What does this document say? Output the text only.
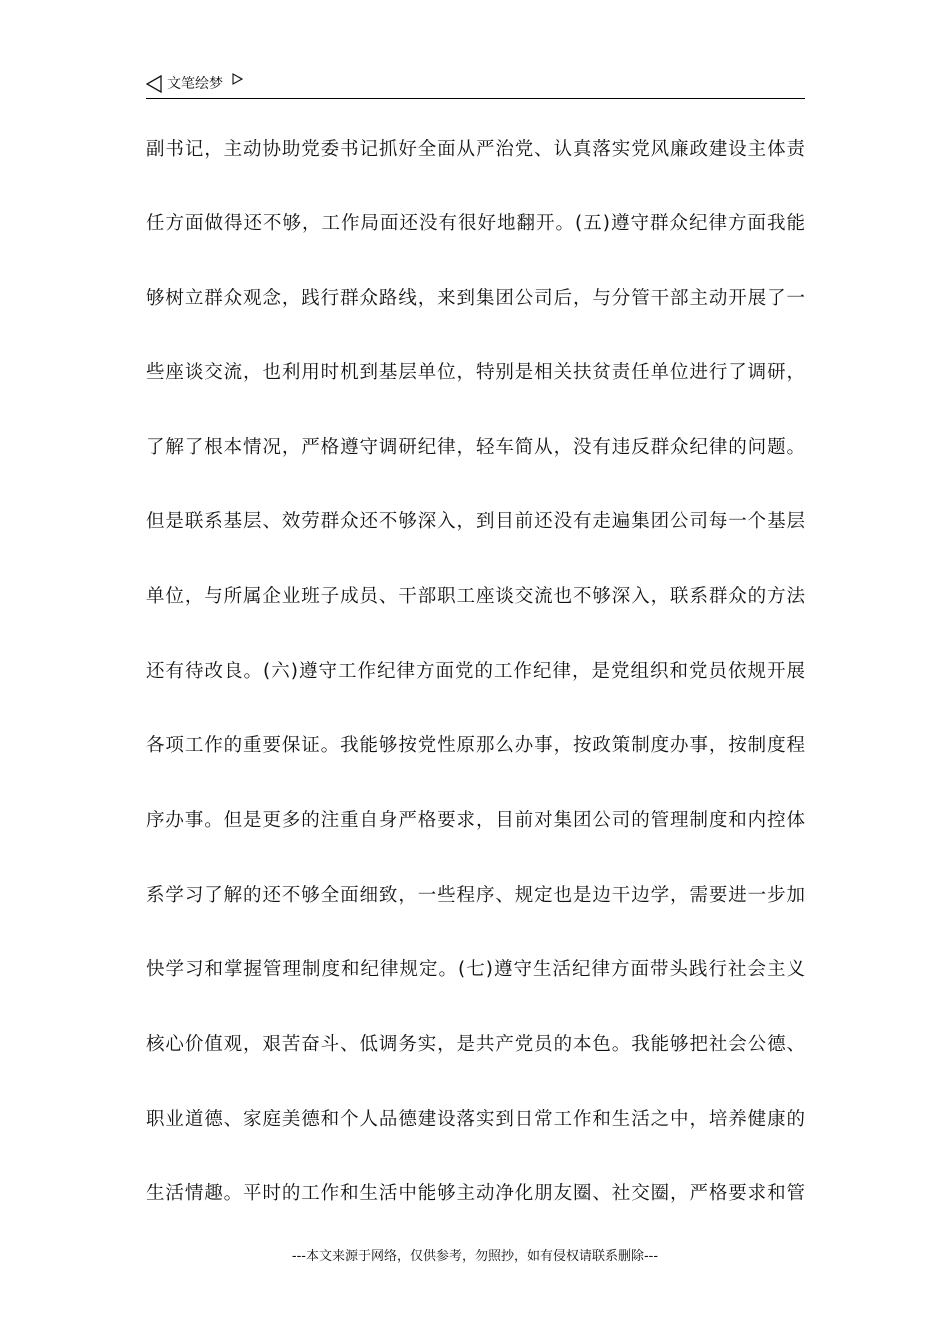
文笔绘梦
副书记，主动协助党委书记抓好全面从严治党、认真落实党风廉政建设主体责
任方面做得还不够，工作局面还没有很好地翻开。(五)遵守群众纪律方面我能
够树立群众观念，践行群众路线，来到集团公司后，与分管干部主动开展了一
些座谈交流，也利用时机到基层单位，特别是相关扶贫责任单位进行了调研，
了解了根本情况，严格遵守调研纪律，轻车简从，没有违反群众纪律的问题。
但是联系基层、效劳群众还不够深入，到目前还没有走遍集团公司每一个基层
单位，与所属企业班子成员、干部职工座谈交流也不够深入，联系群众的方法
还有待改良。(六)遵守工作纪律方面党的工作纪律，是党组织和党员依规开展
各项工作的重要保证。我能够按党性原那么办事，按政策制度办事，按制度程
序办事。但是更多的注重自身严格要求，目前对集团公司的管理制度和内控体
系学习了解的还不够全面细致，一些程序、规定也是边干边学，需要进一步加
快学习和掌握管理制度和纪律规定。(七)遵守生活纪律方面带头践行社会主义
核心价值观，艰苦奋斗、低调务实，是共产党员的本色。我能够把社会公德、
职业道德、家庭美德和个人品德建设落实到日常工作和生活之中，培养健康的
生活情趣。平时的工作和生活中能够主动净化朋友圈、社交圈，严格要求和管
---本文来源于网络，仅供参考，勿照抄，如有侵权请联系删除---
